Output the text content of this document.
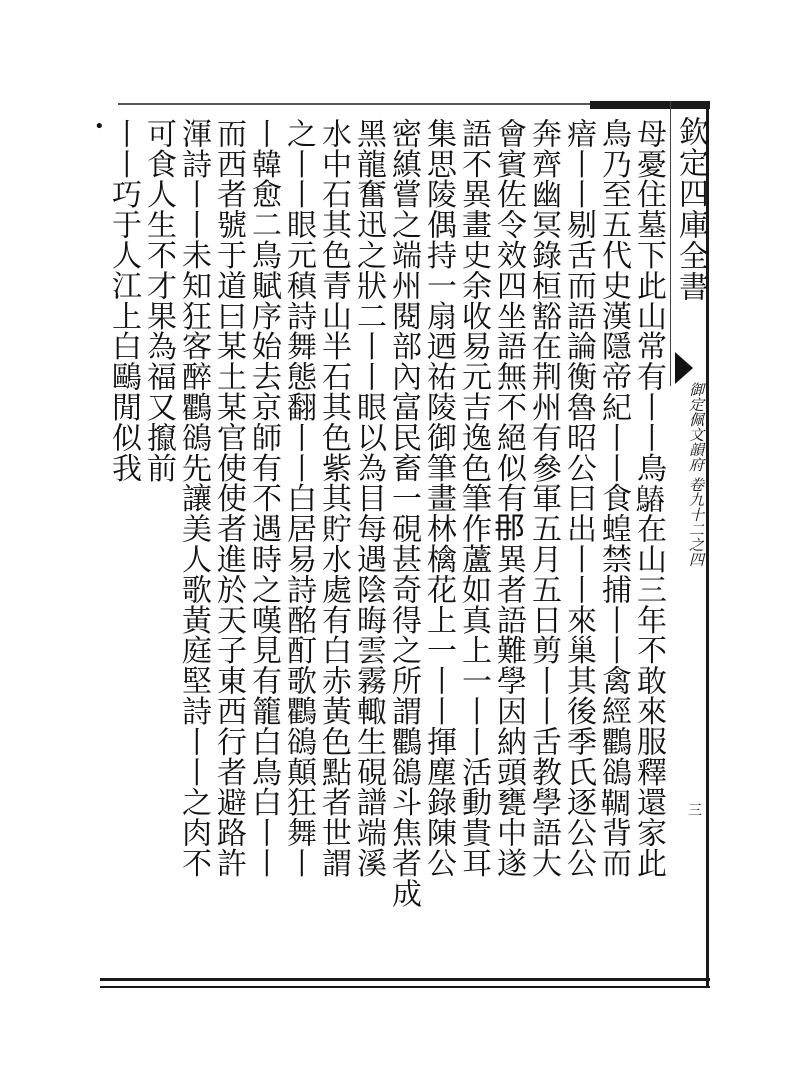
•	欽定四庫全書
御定佩文韻府 卷九十二之四
三
母憂住墓下此山常有丨丨鳥𪄻在山三年不敢來服釋還家此
鳥乃至五代史漢隱帝紀丨丨食蝗禁捕丨丨禽經鸜鵒𩋙背而
瘖丨丨剔舌而語論衡魯昭公曰出丨丨來巢其後季氏逐公公
奔齊幽冥錄桓豁在荆州有參軍五月五日剪丨丨舌教學語大
會賓佐令效四坐語無不絕似有𨙻異者語難學因納頭甕中遂
語不異畫史余收易元吉逸色筆作蘆如真上一丨丨活動貴耳
集思陵偶持一扇迺祐陵御筆畫林檎花上一丨丨揮塵錄陳公
密縝嘗之端州閱部內富民畜一硯甚奇得之所謂鸜鵒斗焦者成
黑龍奮迅之狀二丨丨眼以為目每遇陰晦雲霧輙生硯譜端溪
水中石其色青山半石其色紫其貯水處有白赤黃色點者世謂
之丨丨眼元稹詩舞態翻丨丨白居易詩酩酊歌鸜鵒顛狂舞丨
丨韓愈二鳥賦序始去京師有不遇時之嘆見有籠白鳥白丨丨
而西者號于道曰某土某官使使者進於天子東西行者避路許
渾詩丨丨未知狂客醉鸜鵒先讓美人歌黃庭堅詩丨丨之肉不
可食人生不才果為福又攛前
丨丨巧于人江上白鷗閒似我
